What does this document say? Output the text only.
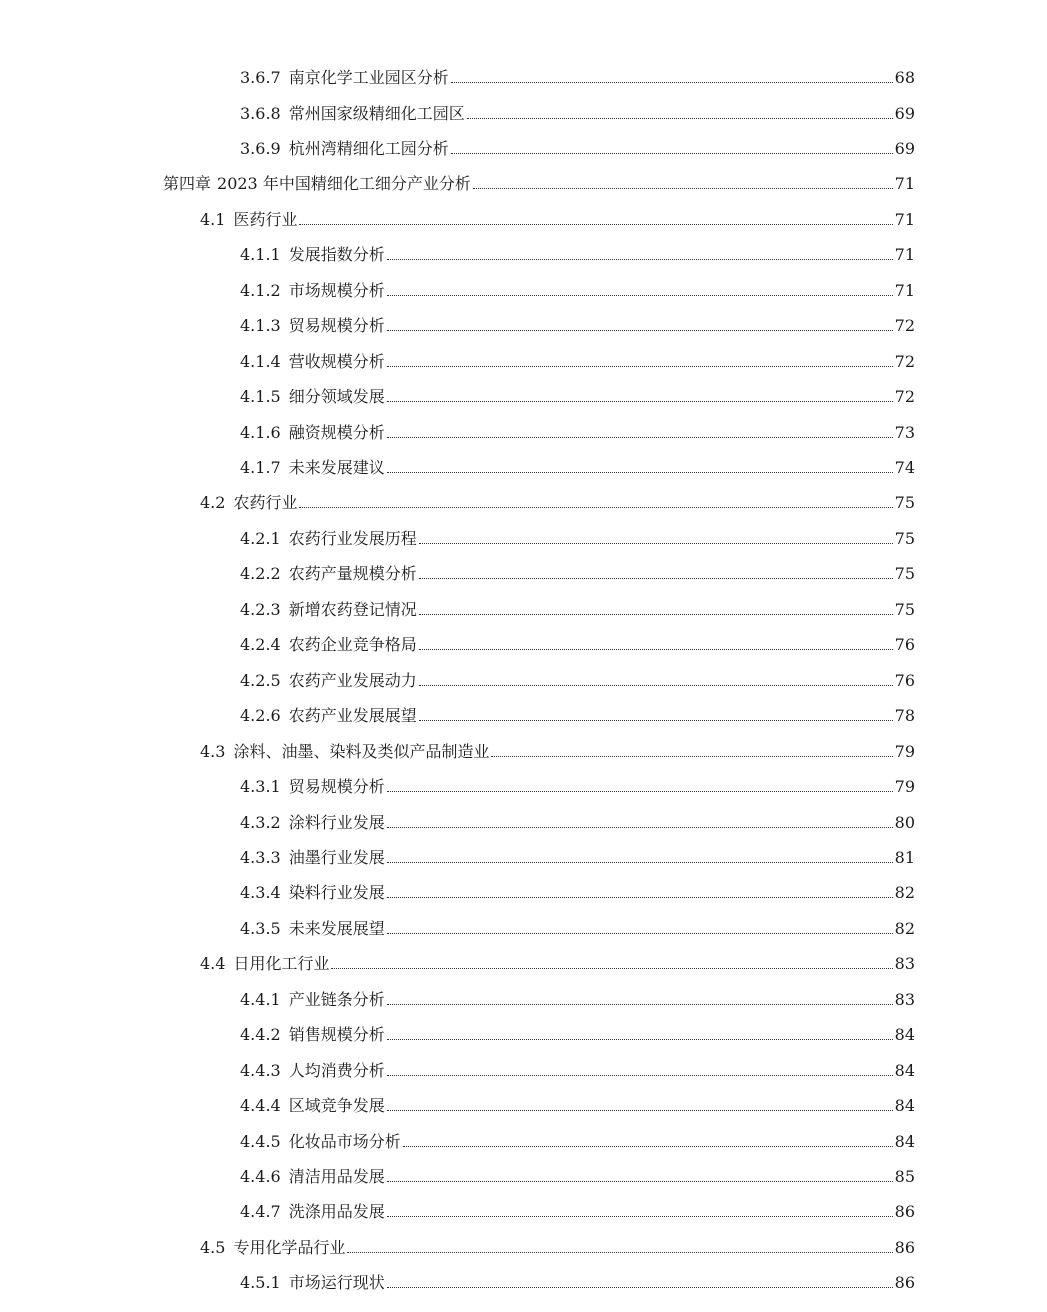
3.6.7 南京化学工业园区分析	68
3.6.8 常州国家级精细化工园区	69
3.6.9 杭州湾精细化工园分析	69
第四章 2023 年中国精细化工细分产业分析	71
4.1 医药行业	71
4.1.1 发展指数分析	71
4.1.2 市场规模分析	71
4.1.3 贸易规模分析	72
4.1.4 营收规模分析	72
4.1.5 细分领域发展	72
4.1.6 融资规模分析	73
4.1.7 未来发展建议	74
4.2 农药行业	75
4.2.1 农药行业发展历程	75
4.2.2 农药产量规模分析	75
4.2.3 新增农药登记情况	75
4.2.4 农药企业竞争格局	76
4.2.5 农药产业发展动力	76
4.2.6 农药产业发展展望	78
4.3 涂料、油墨、染料及类似产品制造业	79
4.3.1 贸易规模分析	79
4.3.2 涂料行业发展	80
4.3.3 油墨行业发展	81
4.3.4 染料行业发展	82
4.3.5 未来发展展望	82
4.4 日用化工行业	83
4.4.1 产业链条分析	83
4.4.2 销售规模分析	84
4.4.3 人均消费分析	84
4.4.4 区域竞争发展	84
4.4.5 化妆品市场分析	84
4.4.6 清洁用品发展	85
4.4.7 洗涤用品发展	86
4.5 专用化学品行业	86
4.5.1 市场运行现状	86
